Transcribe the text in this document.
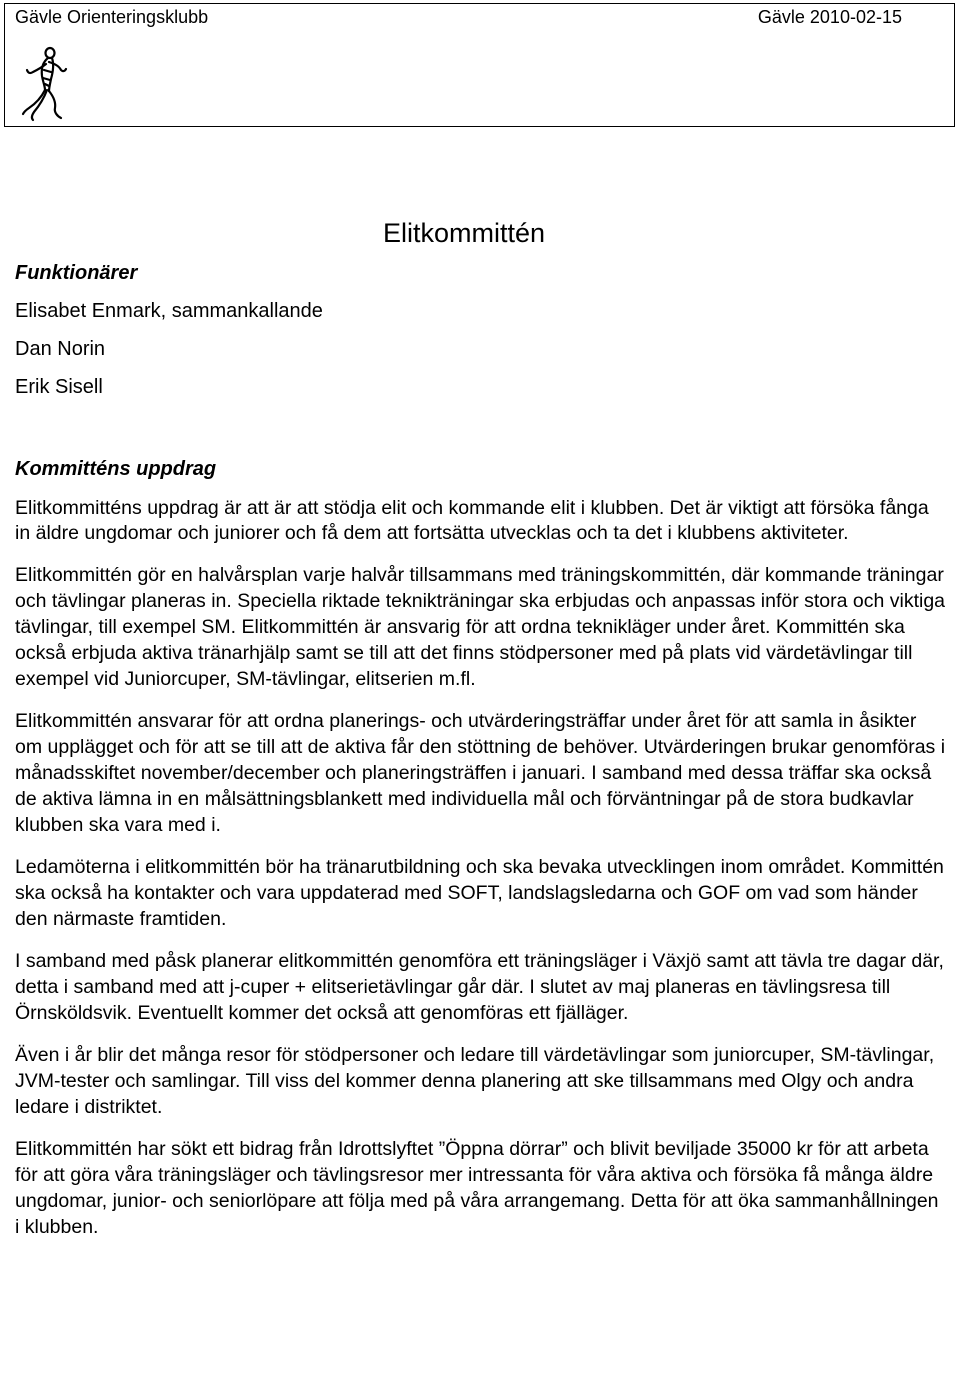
Gävle Orienteringsklubb	Gävle 2010-02-15
Elitkommittén
Funktionärer
Elisabet Enmark, sammankallande
Dan Norin
Erik Sisell
Kommitténs uppdrag

Elitkommitténs uppdrag är att är att stödja elit och kommande elit i klubben. Det är viktigt att försöka fånga in äldre ungdomar och juniorer och få dem att fortsätta utvecklas och ta det i klubbens aktiviteter.

Elitkommittén gör en halvårsplan varje halvår tillsammans med träningskommittén, där kommande träningar och tävlingar planeras in. Speciella riktade teknikträningar ska erbjudas och anpassas inför stora och viktiga tävlingar, till exempel SM. Elitkommittén är ansvarig för att ordna teknikläger under året. Kommittén ska också erbjuda aktiva tränarhjälp samt se till att det finns stödpersoner med på plats vid värdetävlingar till exempel vid Juniorcuper, SM-tävlingar, elitserien m.fl.

Elitkommittén ansvarar för att ordna planerings- och utvärderingsträffar under året för att samla in åsikter om upplägget och för att se till att de aktiva får den stöttning de behöver. Utvärderingen brukar genomföras i månadsskiftet november/december och planeringsträffen i januari. I samband med dessa träffar ska också de aktiva lämna in en målsättningsblankett med individuella mål och förväntningar på de stora budkavlar klubben ska vara med i.

Ledamöterna i elitkommittén bör ha tränarutbildning och ska bevaka utvecklingen inom området. Kommittén ska också ha kontakter och vara uppdaterad med SOFT, landslagsledarna och GOF om vad som händer den närmaste framtiden.

I samband med påsk planerar elitkommittén genomföra ett träningsläger i Växjö samt att tävla tre dagar där, detta i samband med att j-cuper + elitserietävlingar går där. I slutet av maj planeras en tävlingsresa till Örnsköldsvik. Eventuellt kommer det också att genomföras ett fjälläger.

Även i år blir det många resor för stödpersoner och ledare till värdetävlingar som juniorcuper, SM-tävlingar, JVM-tester och samlingar. Till viss del kommer denna planering att ske tillsammans med Olgy och andra ledare i distriktet.

Elitkommittén har sökt ett bidrag från Idrottslyftet ”Öppna dörrar” och blivit beviljade 35000 kr för att arbeta för att göra våra träningsläger och tävlingsresor mer intressanta för våra aktiva och försöka få många äldre ungdomar, junior- och seniorlöpare att följa med på våra arrangemang. Detta för att öka sammanhållningen i klubben.
